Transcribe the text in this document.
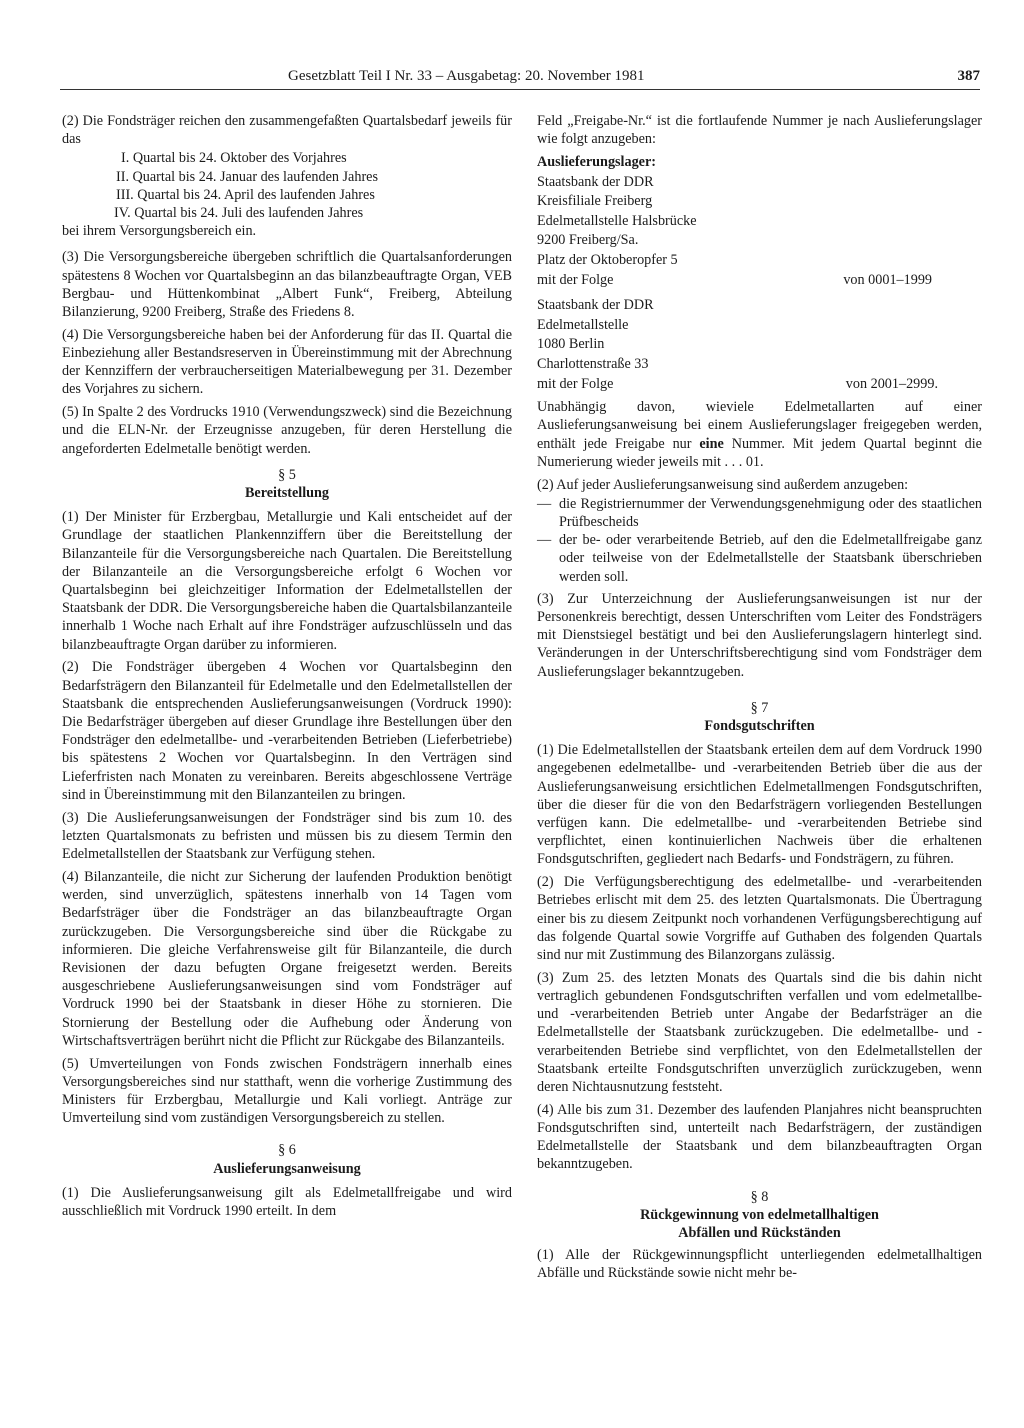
Gesetzblatt Teil I Nr. 33 – Ausgabetag: 20. November 1981	387

(2) Die Fondsträger reichen den zusammengefaßten Quartalsbedarf jeweils für das

I. Quartal bis 24. Oktober des Vorjahres
II. Quartal bis 24. Januar des laufenden Jahres
III. Quartal bis 24. April des laufenden Jahres
IV. Quartal bis 24. Juli des laufenden Jahres

bei ihrem Versorgungsbereich ein.

(3) Die Versorgungsbereiche übergeben schriftlich die Quartalsanforderungen spätestens 8 Wochen vor Quartalsbeginn an das bilanzbeauftragte Organ, VEB Bergbau- und Hüttenkombinat „Albert Funk“, Freiberg, Abteilung Bilanzierung, 9200 Freiberg, Straße des Friedens 8.

(4) Die Versorgungsbereiche haben bei der Anforderung für das II. Quartal die Einbeziehung aller Bestandsreserven in Übereinstimmung mit der Abrechnung der Kennziffern der verbraucherseitigen Materialbewegung per 31. Dezember des Vorjahres zu sichern.

(5) In Spalte 2 des Vordrucks 1910 (Verwendungszweck) sind die Bezeichnung und die ELN-Nr. der Erzeugnisse anzugeben, für deren Herstellung die angeforderten Edelmetalle benötigt werden.

§ 5
Bereitstellung

(1) Der Minister für Erzbergbau, Metallurgie und Kali entscheidet auf der Grundlage der staatlichen Plankennziffern über die Bereitstellung der Bilanzanteile für die Versorgungsbereiche nach Quartalen. Die Bereitstellung der Bilanzanteile an die Versorgungsbereiche erfolgt 6 Wochen vor Quartalsbeginn bei gleichzeitiger Information der Edelmetallstellen der Staatsbank der DDR. Die Versorgungsbereiche haben die Quartalsbilanzanteile innerhalb 1 Woche nach Erhalt auf ihre Fondsträger aufzuschlüsseln und das bilanzbeauftragte Organ darüber zu informieren.

(2) Die Fondsträger übergeben 4 Wochen vor Quartalsbeginn den Bedarfsträgern den Bilanzanteil für Edelmetalle und den Edelmetallstellen der Staatsbank die entsprechenden Auslieferungsanweisungen (Vordruck 1990): Die Bedarfsträger übergeben auf dieser Grundlage ihre Bestellungen über den Fondsträger den edelmetallbe- und -verarbeitenden Betrieben (Lieferbetriebe) bis spätestens 2 Wochen vor Quartalsbeginn. In den Verträgen sind Lieferfristen nach Monaten zu vereinbaren. Bereits abgeschlossene Verträge sind in Übereinstimmung mit den Bilanzanteilen zu bringen.

(3) Die Auslieferungsanweisungen der Fondsträger sind bis zum 10. des letzten Quartalsmonats zu befristen und müssen bis zu diesem Termin den Edelmetallstellen der Staatsbank zur Verfügung stehen.

(4) Bilanzanteile, die nicht zur Sicherung der laufenden Produktion benötigt werden, sind unverzüglich, spätestens innerhalb von 14 Tagen vom Bedarfsträger über die Fondsträger an das bilanzbeauftragte Organ zurückzugeben. Die Versorgungsbereiche sind über die Rückgabe zu informieren. Die gleiche Verfahrensweise gilt für Bilanzanteile, die durch Revisionen der dazu befugten Organe freigesetzt werden. Bereits ausgeschriebene Auslieferungsanweisungen sind vom Fondsträger auf Vordruck 1990 bei der Staatsbank in dieser Höhe zu stornieren. Die Stornierung der Bestellung oder die Aufhebung oder Änderung von Wirtschaftsverträgen berührt nicht die Pflicht zur Rückgabe des Bilanzanteils.

(5) Umverteilungen von Fonds zwischen Fondsträgern innerhalb eines Versorgungsbereiches sind nur statthaft, wenn die vorherige Zustimmung des Ministers für Erzbergbau, Metallurgie und Kali vorliegt. Anträge zur Umverteilung sind vom zuständigen Versorgungsbereich zu stellen.

§ 6
Auslieferungsanweisung

(1) Die Auslieferungsanweisung gilt als Edelmetallfreigabe und wird ausschließlich mit Vordruck 1990 erteilt. In dem

Feld „Freigabe-Nr.“ ist die fortlaufende Nummer je nach Auslieferungslager wie folgt anzugeben:

Auslieferungslager:
Staatsbank der DDR
Kreisfiliale Freiberg
Edelmetallstelle Halsbrücke
9200 Freiberg/Sa.
Platz der Oktoberopfer 5
mit der Folge	von 0001–1999
Staatsbank der DDR
Edelmetallstelle
1080 Berlin
Charlottenstraße 33
mit der Folge	von 2001–2999.

Unabhängig davon, wieviele Edelmetallarten auf einer Auslieferungsanweisung bei einem Auslieferungslager freigegeben werden, enthält jede Freigabe nur eine Nummer. Mit jedem Quartal beginnt die Numerierung wieder jeweils mit . . . 01.

(2) Auf jeder Auslieferungsanweisung sind außerdem anzugeben:

— die Registriernummer der Verwendungsgenehmigung oder des staatlichen Prüfbescheids
— der be- oder verarbeitende Betrieb, auf den die Edelmetallfreigabe ganz oder teilweise von der Edelmetallstelle der Staatsbank überschrieben werden soll.

(3) Zur Unterzeichnung der Auslieferungsanweisungen ist nur der Personenkreis berechtigt, dessen Unterschriften vom Leiter des Fondsträgers mit Dienstsiegel bestätigt und bei den Auslieferungslagern hinterlegt sind. Veränderungen in der Unterschriftsberechtigung sind vom Fondsträger dem Auslieferungslager bekanntzugeben.

§ 7
Fondsgutschriften

(1) Die Edelmetallstellen der Staatsbank erteilen dem auf dem Vordruck 1990 angegebenen edelmetallbe- und -verarbeitenden Betrieb über die aus der Auslieferungsanweisung ersichtlichen Edelmetallmengen Fondsgutschriften, über die dieser für die von den Bedarfsträgern vorliegenden Bestellungen verfügen kann. Die edelmetallbe- und -verarbeitenden Betriebe sind verpflichtet, einen kontinuierlichen Nachweis über die erhaltenen Fondsgutschriften, gegliedert nach Bedarfs- und Fondsträgern, zu führen.

(2) Die Verfügungsberechtigung des edelmetallbe- und -verarbeitenden Betriebes erlischt mit dem 25. des letzten Quartalsmonats. Die Übertragung einer bis zu diesem Zeitpunkt noch vorhandenen Verfügungsberechtigung auf das folgende Quartal sowie Vorgriffe auf Guthaben des folgenden Quartals sind nur mit Zustimmung des Bilanzorgans zulässig.

(3) Zum 25. des letzten Monats des Quartals sind die bis dahin nicht vertraglich gebundenen Fondsgutschriften verfallen und vom edelmetallbe- und -verarbeitenden Betrieb unter Angabe der Bedarfsträger an die Edelmetallstelle der Staatsbank zurückzugeben. Die edelmetallbe- und -verarbeitenden Betriebe sind verpflichtet, von den Edelmetallstellen der Staatsbank erteilte Fondsgutschriften unverzüglich zurückzugeben, wenn deren Nichtausnutzung feststeht.

(4) Alle bis zum 31. Dezember des laufenden Planjahres nicht beanspruchten Fondsgutschriften sind, unterteilt nach Bedarfsträgern, der zuständigen Edelmetallstelle der Staatsbank und dem bilanzbeauftragten Organ bekanntzugeben.

§ 8
Rückgewinnung von edelmetallhaltigen
Abfällen und Rückständen

(1) Alle der Rückgewinnungspflicht unterliegenden edelmetallhaltigen Abfälle und Rückstände sowie nicht mehr be-
